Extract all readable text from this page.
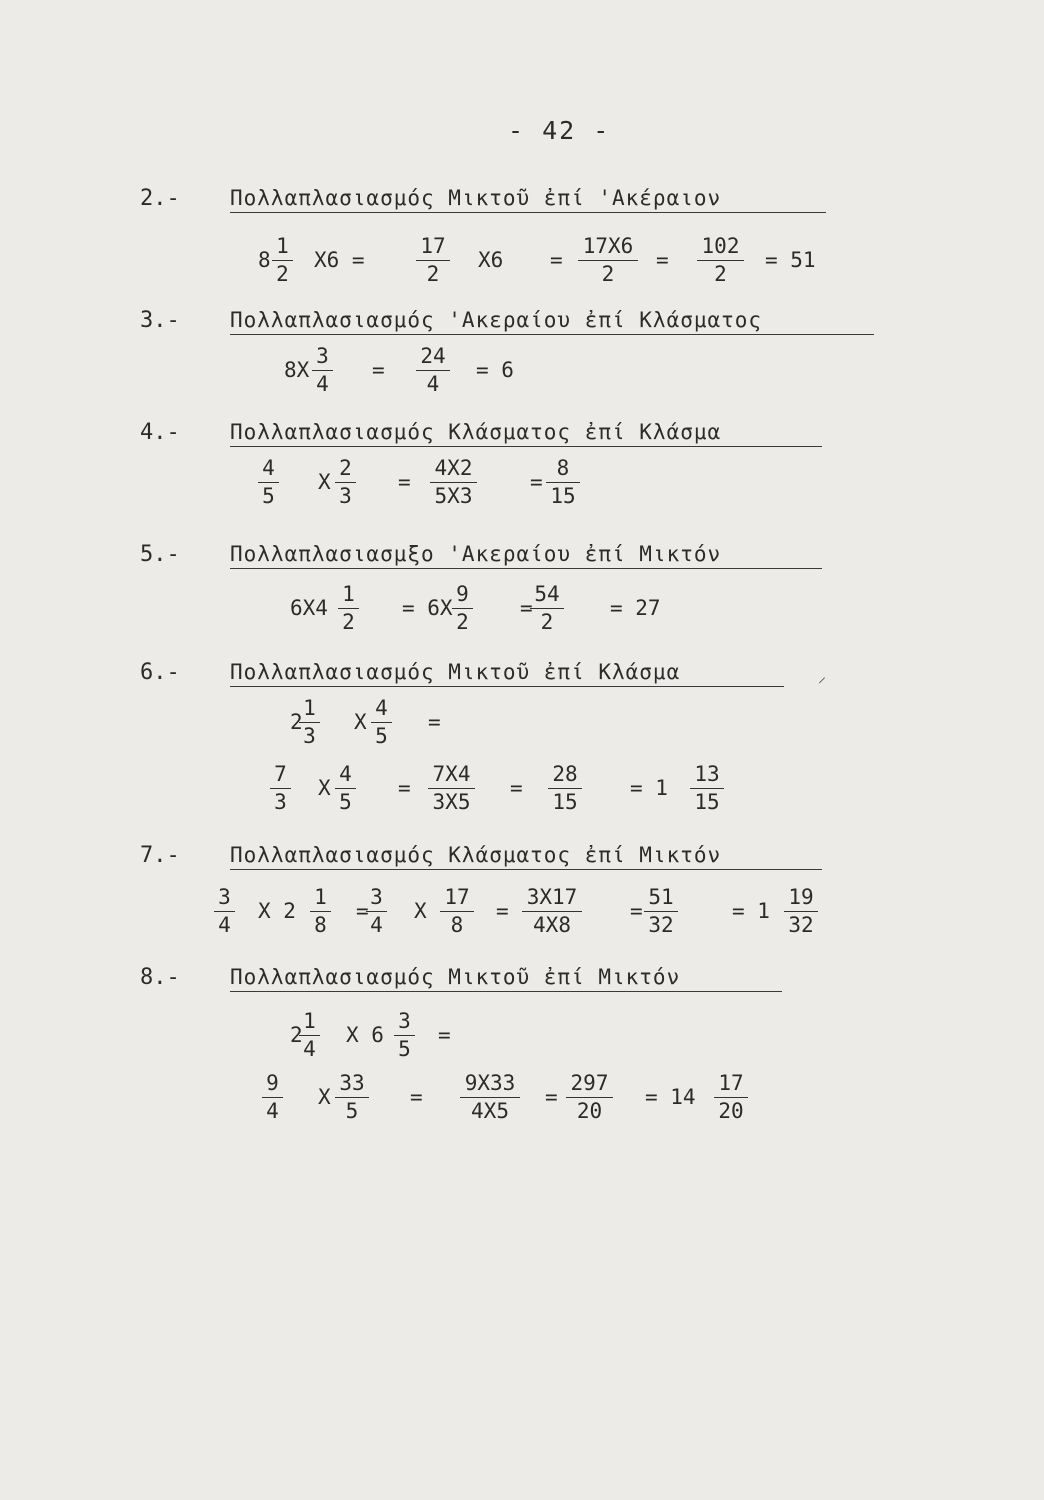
- 42 -
2.- Πολλαπλασιασμός Μικτοῦ ἐπί 'Ακέραιον
8
1
2
X6 =
17
2
X6 =
17X6
2
=
102
2
= 51
3.- Πολλαπλασιασμός 'Ακεραίου ἐπί Κλάσματος
8X
3
4
=
24
4
= 6
4.- Πολλαπλασιασμός Κλάσματος ἐπί Κλάσμα
4
5
X
2
3
=
4X2
5X3
=
8
15
5.- Πολλαπλασιασμξο 'Ακεραίου ἐπί Μικτόν
6X4
1
2
= 6X
9
2
=
54
2
= 27
6.- Πολλαπλασιασμός Μικτοῦ ἐπί Κλάσμα
2
1
3
X
4
5
=
7
3
X
4
5
=
7X4
3X5
=
28
15
= 1
13
15
7.- Πολλαπλασιασμός Κλάσματος ἐπί Μικτόν
3
4
X 2
1
8
=
3
4
X
17
8
=
3X17
4X8
=
51
32
= 1
19
32
8.- Πολλαπλασιασμός Μικτοῦ ἐπί Μικτόν
2
1
4
X 6
3
5
=
9
4
X
33
5
=
9X33
4X5
=
297
20
= 14
17
20
⸝
